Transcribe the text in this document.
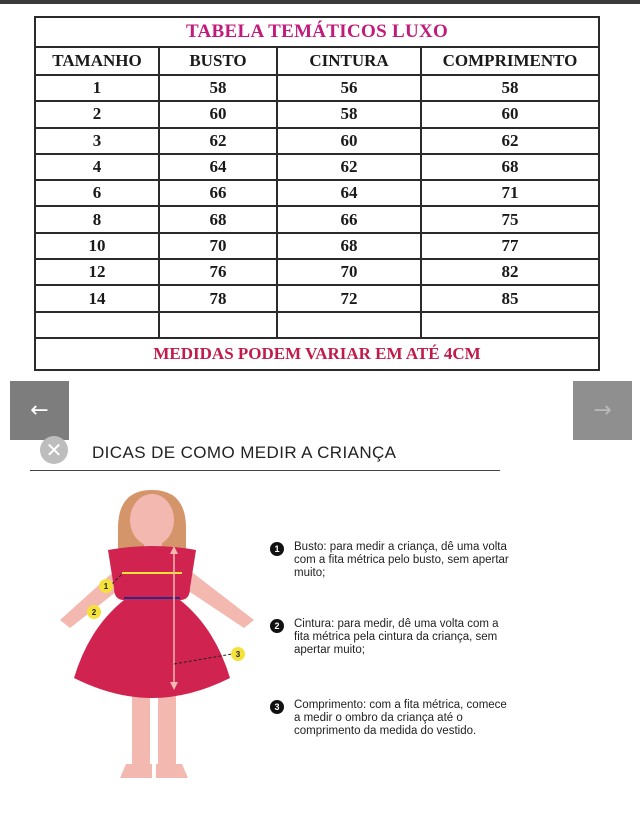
TABELA TEMÁTICOS LUXO			
TAMANHO	BUSTO	CINTURA	COMPRIMENTO
1	58	56	58
2	60	58	60
3	62	60	62
4	64	62	68
6	66	64	71
8	68	66	75
10	70	68	77
12	76	70	82
14	78	72	85

MEDIDAS PODEM VARIAR EM ATÉ 4CM			
←	→
✕	DICAS DE COMO MEDIR A CRIANÇA
1
2
3
1	Busto: para medir a criança, dê uma volta com a fita métrica pelo busto, sem apertar muito;
2	Cintura: para medir, dê uma volta com a fita métrica pela cintura da criança, sem apertar muito;
3	Comprimento: com a fita métrica, comece a medir o ombro da criança até o comprimento da medida do vestido.
